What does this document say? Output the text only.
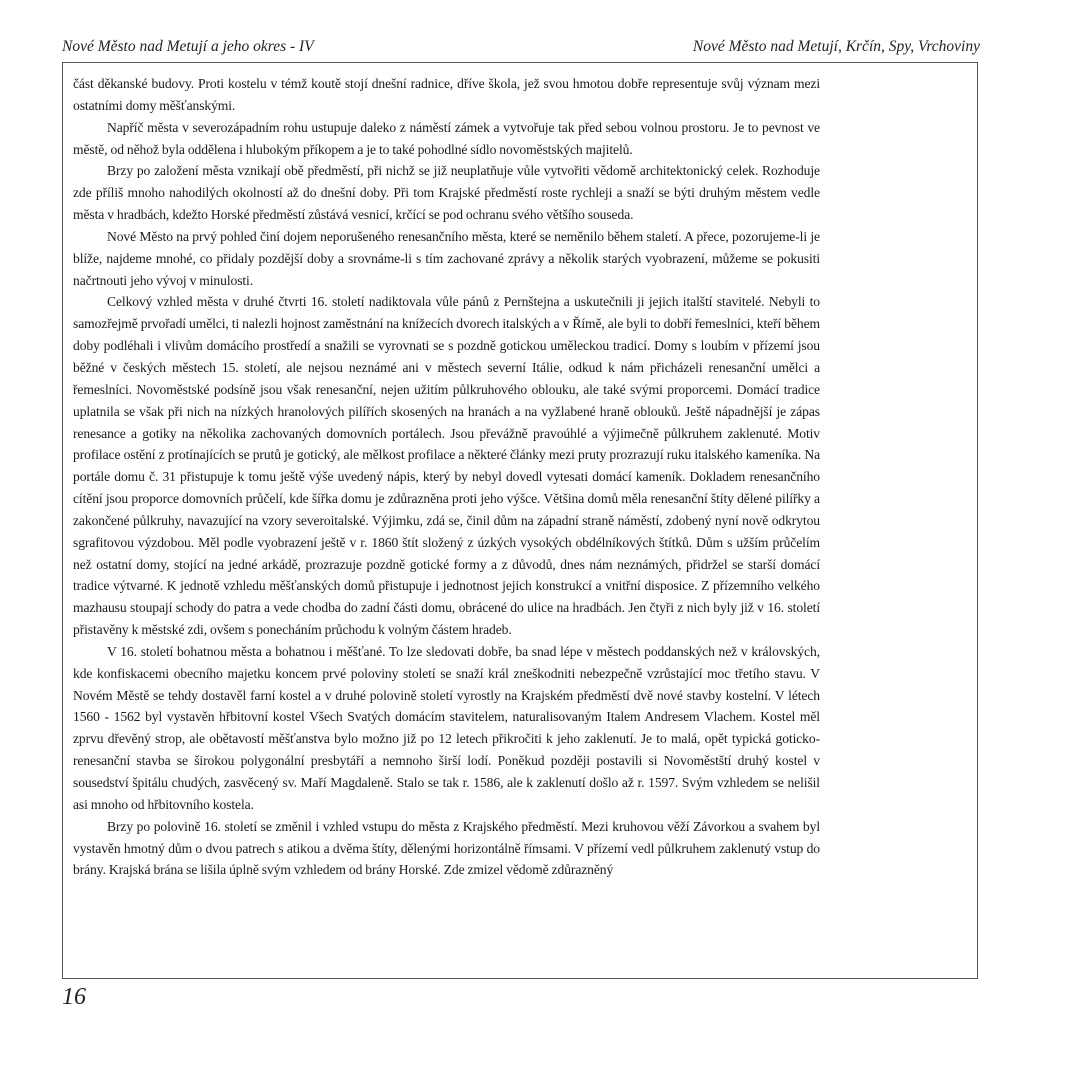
Nové Město nad Metují a jeho okres - IV	Nové Město nad Metují, Krčín, Spy, Vrchoviny

část děkanské budovy. Proti kostelu v témž koutě stojí dnešní radnice, dříve škola, jež svou hmotou dobře representuje svůj význam mezi ostatními domy měšťanskými.

Napříč města v severozápadním rohu ustupuje daleko z náměstí zámek a vytvořuje tak před sebou volnou prostoru. Je to pevnost ve městě, od něhož byla oddělena i hlubokým příkopem a je to také pohodlné sídlo novoměstských majitelů.

Brzy po založení města vznikají obě předměstí, při nichž se již neuplatňuje vůle vytvořiti vědomě architektonický celek. Rozhoduje zde příliš mnoho nahodilých okolností až do dnešní doby. Při tom Krajské předměstí roste rychleji a snaží se býti druhým městem vedle města v hradbách, kdežto Horské předměstí zůstává vesnicí, krčící se pod ochranu svého většího souseda.

Nové Město na prvý pohled činí dojem neporušeného renesančního města, které se neměnilo během staletí. A přece, pozorujeme-li je blíže, najdeme mnohé, co přidaly pozdější doby a srovnáme-li s tím zachované zprávy a několik starých vyobrazení, můžeme se pokusiti načrtnouti jeho vývoj v minulosti.

Celkový vzhled města v druhé čtvrti 16. století nadiktovala vůle pánů z Pernštejna a uskutečnili ji jejich italští stavitelé. Nebyli to samozřejmě prvořadí umělci, ti nalezli hojnost zaměstnání na knížecích dvorech italských a v Římě, ale byli to dobří řemeslníci, kteří během doby podléhali i vlivům domácího prostředí a snažili se vyrovnati se s pozdně gotickou uměleckou tradicí. Domy s loubím v přízemí jsou běžné v českých městech 15. století, ale nejsou neznámé ani v městech severní Itálie, odkud k nám přicházeli renesanční umělci a řemeslníci. Novoměstské podsíně jsou však renesanční, nejen užitím půlkruhového oblouku, ale také svými proporcemi. Domácí tradice uplatnila se však při nich na nízkých hranolových pilířích skosených na hranách a na vyžlabené hraně oblouků. Ještě nápadnější je zápas renesance a gotiky na několika zachovaných domovních portálech. Jsou převážně pravoúhlé a výjimečně půlkruhem zaklenuté. Motiv profilace ostění z protínajících se prutů je gotický, ale mělkost profilace a některé články mezi pruty prozrazují ruku italského kameníka. Na portále domu č. 31 přistupuje k tomu ještě výše uvedený nápis, který by nebyl dovedl vytesati domácí kameník. Dokladem renesančního cítění jsou proporce domovních průčelí, kde šířka domu je zdůrazněna proti jeho výšce. Většina domů měla renesanční štíty dělené pilířky a zakončené půlkruhy, navazující na vzory severoitalské. Výjimku, zdá se, činil dům na západní straně náměstí, zdobený nyní nově odkrytou sgrafitovou výzdobou. Měl podle vyobrazení ještě v r. 1860 štít složený z úzkých vysokých obdélníkových štítků. Dům s užším průčelím než ostatní domy, stojící na jedné arkádě, prozrazuje pozdně gotické formy a z důvodů, dnes nám neznámých, přidržel se starší domácí tradice výtvarné. K jednotě vzhledu měšťanských domů přistupuje i jednotnost jejich konstrukcí a vnitřní disposice. Z přízemního velkého mazhausu stoupají schody do patra a vede chodba do zadní části domu, obrácené do ulice na hradbách. Jen čtyři z nich byly již v 16. století přistavěny k městské zdi, ovšem s ponecháním průchodu k volným částem hradeb.

V 16. století bohatnou města a bohatnou i měšťané. To lze sledovati dobře, ba snad lépe v městech poddanských než v královských, kde konfiskacemi obecního majetku koncem prvé poloviny století se snaží král zneškodniti nebezpečně vzrůstající moc třetího stavu. V Novém Městě se tehdy dostavěl farní kostel a v druhé polovině století vyrostly na Krajském předměstí dvě nové stavby kostelní. V létech 1560 - 1562 byl vystavěn hřbitovní kostel Všech Svatých domácím stavitelem, naturalisovaným Italem Andresem Vlachem. Kostel měl zprvu dřevěný strop, ale obětavostí měšťanstva bylo možno již po 12 letech přikročiti k jeho zaklenutí. Je to malá, opět typická goticko-renesanční stavba se širokou polygonální presbytáří a nemnoho širší lodí. Poněkud později postavili si Novoměstští druhý kostel v sousedství špitálu chudých, zasvěcený sv. Maří Magdaleně. Stalo se tak r. 1586, ale k zaklenutí došlo až r. 1597. Svým vzhledem se nelišil asi mnoho od hřbitovního kostela.

Brzy po polovině 16. století se změnil i vzhled vstupu do města z Krajského předměstí. Mezi kruhovou věží Závorkou a svahem byl vystavěn hmotný dům o dvou patrech s atikou a dvěma štíty, dělenými horizontálně římsami. V přízemí vedl půlkruhem zaklenutý vstup do brány. Krajská brána se lišila úplně svým vzhledem od brány Horské. Zde zmizel vědomě zdůrazněný

16
